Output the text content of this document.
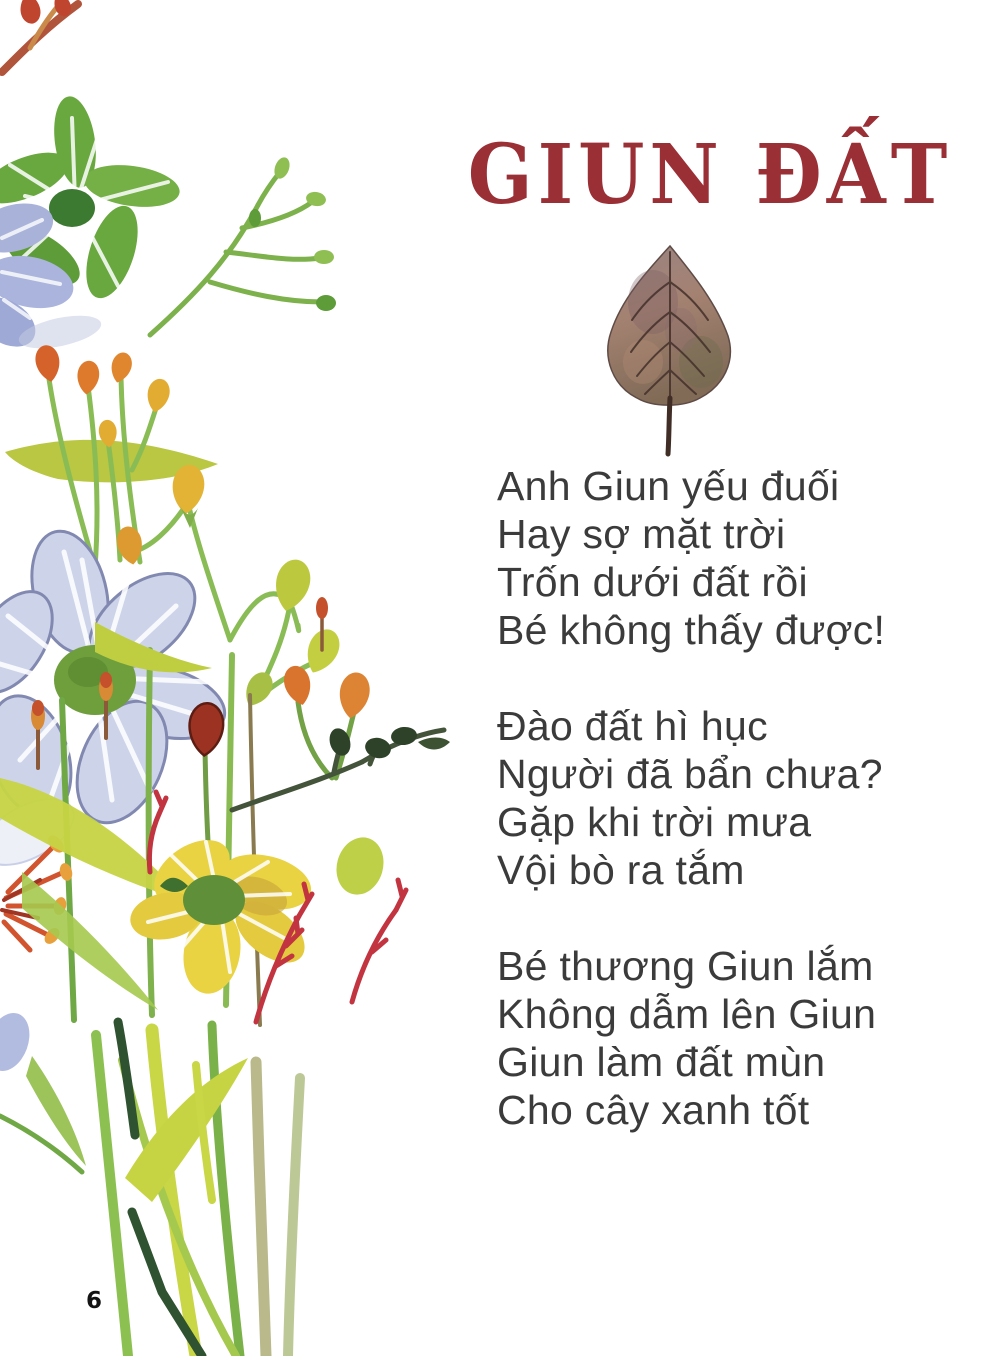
GIUN ĐẤT
Anh Giun yếu đuối
Hay sợ mặt trời
Trốn dưới đất rồi
Bé không thấy được!
Đào đất hì hục
Người đã bẩn chưa?
Gặp khi trời mưa
Vội bò ra tắm
Bé thương Giun lắm
Không dẫm lên Giun
Giun làm đất mùn
Cho cây xanh tốt
6
